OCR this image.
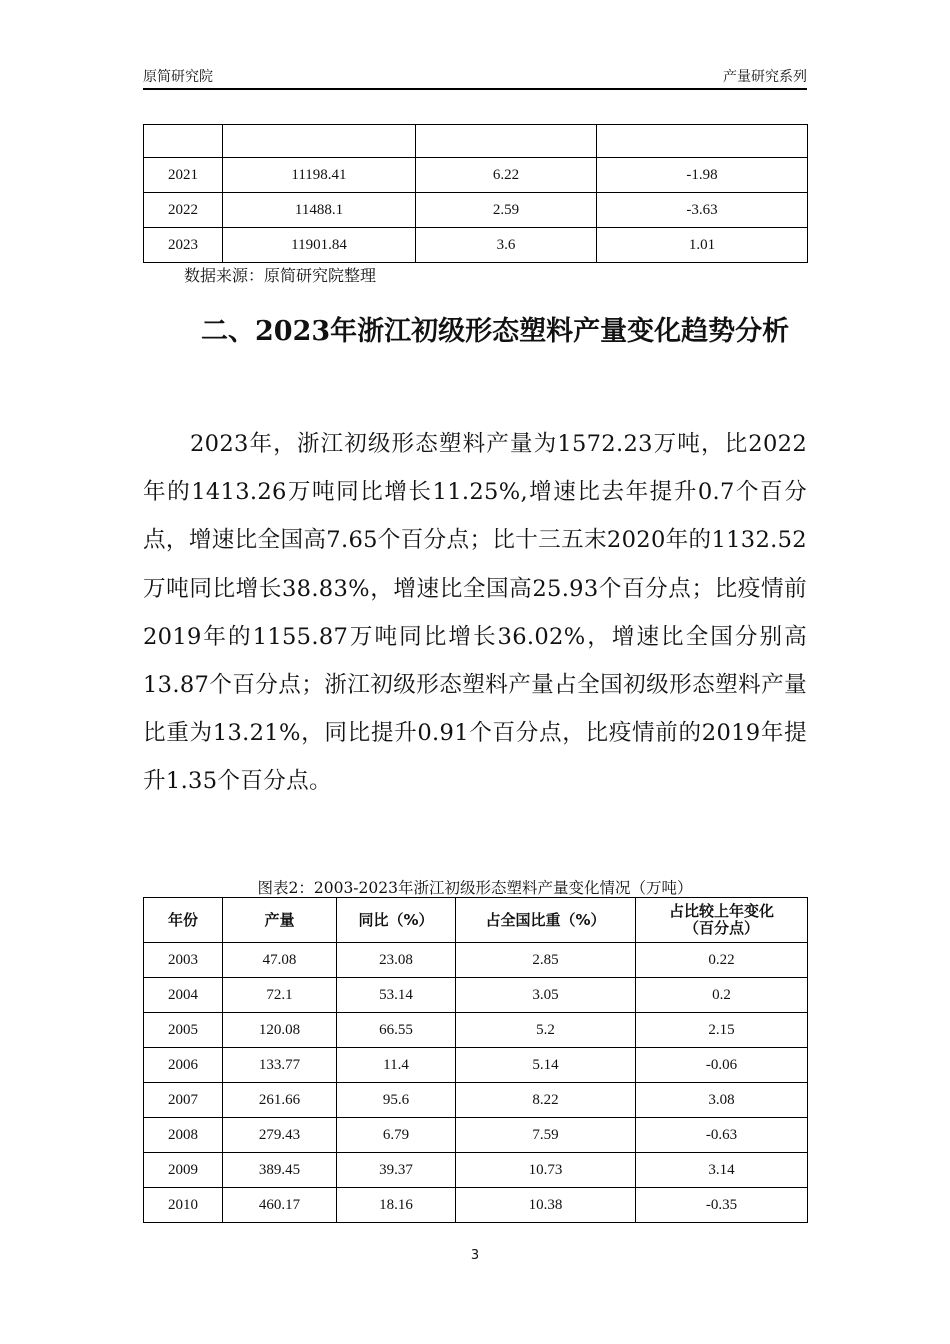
原简研究院	产量研究系列

2021	11198.41	6.22	-1.98
2022	11488.1	2.59	-3.63
2023	11901.84	3.6	1.01
数据来源：原简研究院整理
二、2023年浙江初级形态塑料产量变化趋势分析
2023年，浙江初级形态塑料产量为1572.23万吨，比2022年的1413.26万吨同比增长11.25%,增速比去年提升0.7个百分点，增速比全国高7.65个百分点；比十三五末2020年的1132.52万吨同比增长38.83%，增速比全国高25.93个百分点；比疫情前2019年的1155.87万吨同比增长36.02%，增速比全国分别高13.87个百分点；浙江初级形态塑料产量占全国初级形态塑料产量比重为13.21%，同比提升0.91个百分点，比疫情前的2019年提升1.35个百分点。
图表2：2003-2023年浙江初级形态塑料产量变化情况（万吨）
年份	产量	同比（%）	占全国比重（%）	占比较上年变化（百分点）
2003	47.08	23.08	2.85	0.22
2004	72.1	53.14	3.05	0.2
2005	120.08	66.55	5.2	2.15
2006	133.77	11.4	5.14	-0.06
2007	261.66	95.6	8.22	3.08
2008	279.43	6.79	7.59	-0.63
2009	389.45	39.37	10.73	3.14
2010	460.17	18.16	10.38	-0.35
3
